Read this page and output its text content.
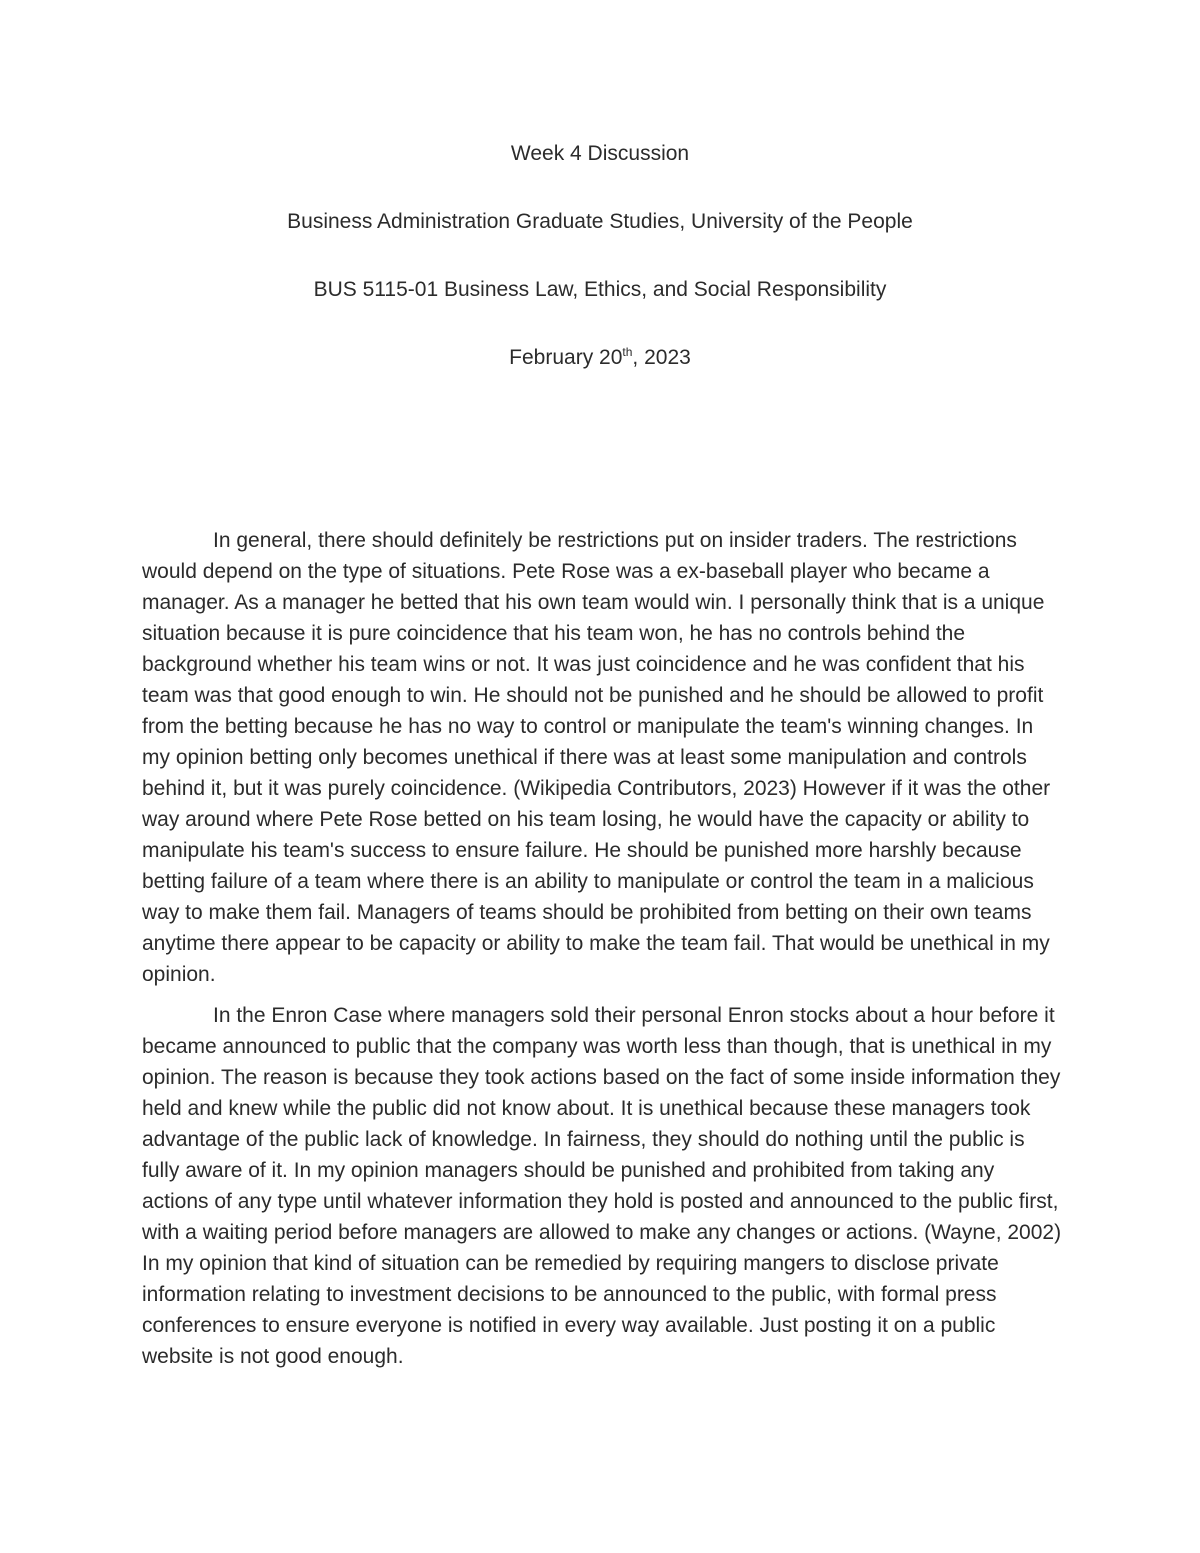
Week 4 Discussion

Business Administration Graduate Studies, University of the People

BUS 5115-01 Business Law, Ethics, and Social Responsibility

February 20th, 2023

In general, there should definitely be restrictions put on insider traders. The restrictions would depend on the type of situations. Pete Rose was a ex-baseball player who became a manager. As a manager he betted that his own team would win. I personally think that is a unique situation because it is pure coincidence that his team won, he has no controls behind the background whether his team wins or not. It was just coincidence and he was confident that his team was that good enough to win. He should not be punished and he should be allowed to profit from the betting because he has no way to control or manipulate the team's winning changes. In my opinion betting only becomes unethical if there was at least some manipulation and controls behind it, but it was purely coincidence. (Wikipedia Contributors, 2023) However if it was the other way around where Pete Rose betted on his team losing, he would have the capacity or ability to manipulate his team's success to ensure failure. He should be punished more harshly because betting failure of a team where there is an ability to manipulate or control the team in a malicious way to make them fail. Managers of teams should be prohibited from betting on their own teams anytime there appear to be capacity or ability to make the team fail. That would be unethical in my opinion.

In the Enron Case where managers sold their personal Enron stocks about a hour before it became announced to public that the company was worth less than though, that is unethical in my opinion. The reason is because they took actions based on the fact of some inside information they held and knew while the public did not know about. It is unethical because these managers took advantage of the public lack of knowledge. In fairness, they should do nothing until the public is fully aware of it. In my opinion managers should be punished and prohibited from taking any actions of any type until whatever information they hold is posted and announced to the public first, with a waiting period before managers are allowed to make any changes or actions. (Wayne, 2002) In my opinion that kind of situation can be remedied by requiring mangers to disclose private information relating to investment decisions to be announced to the public, with formal press conferences to ensure everyone is notified in every way available. Just posting it on a public website is not good enough.
